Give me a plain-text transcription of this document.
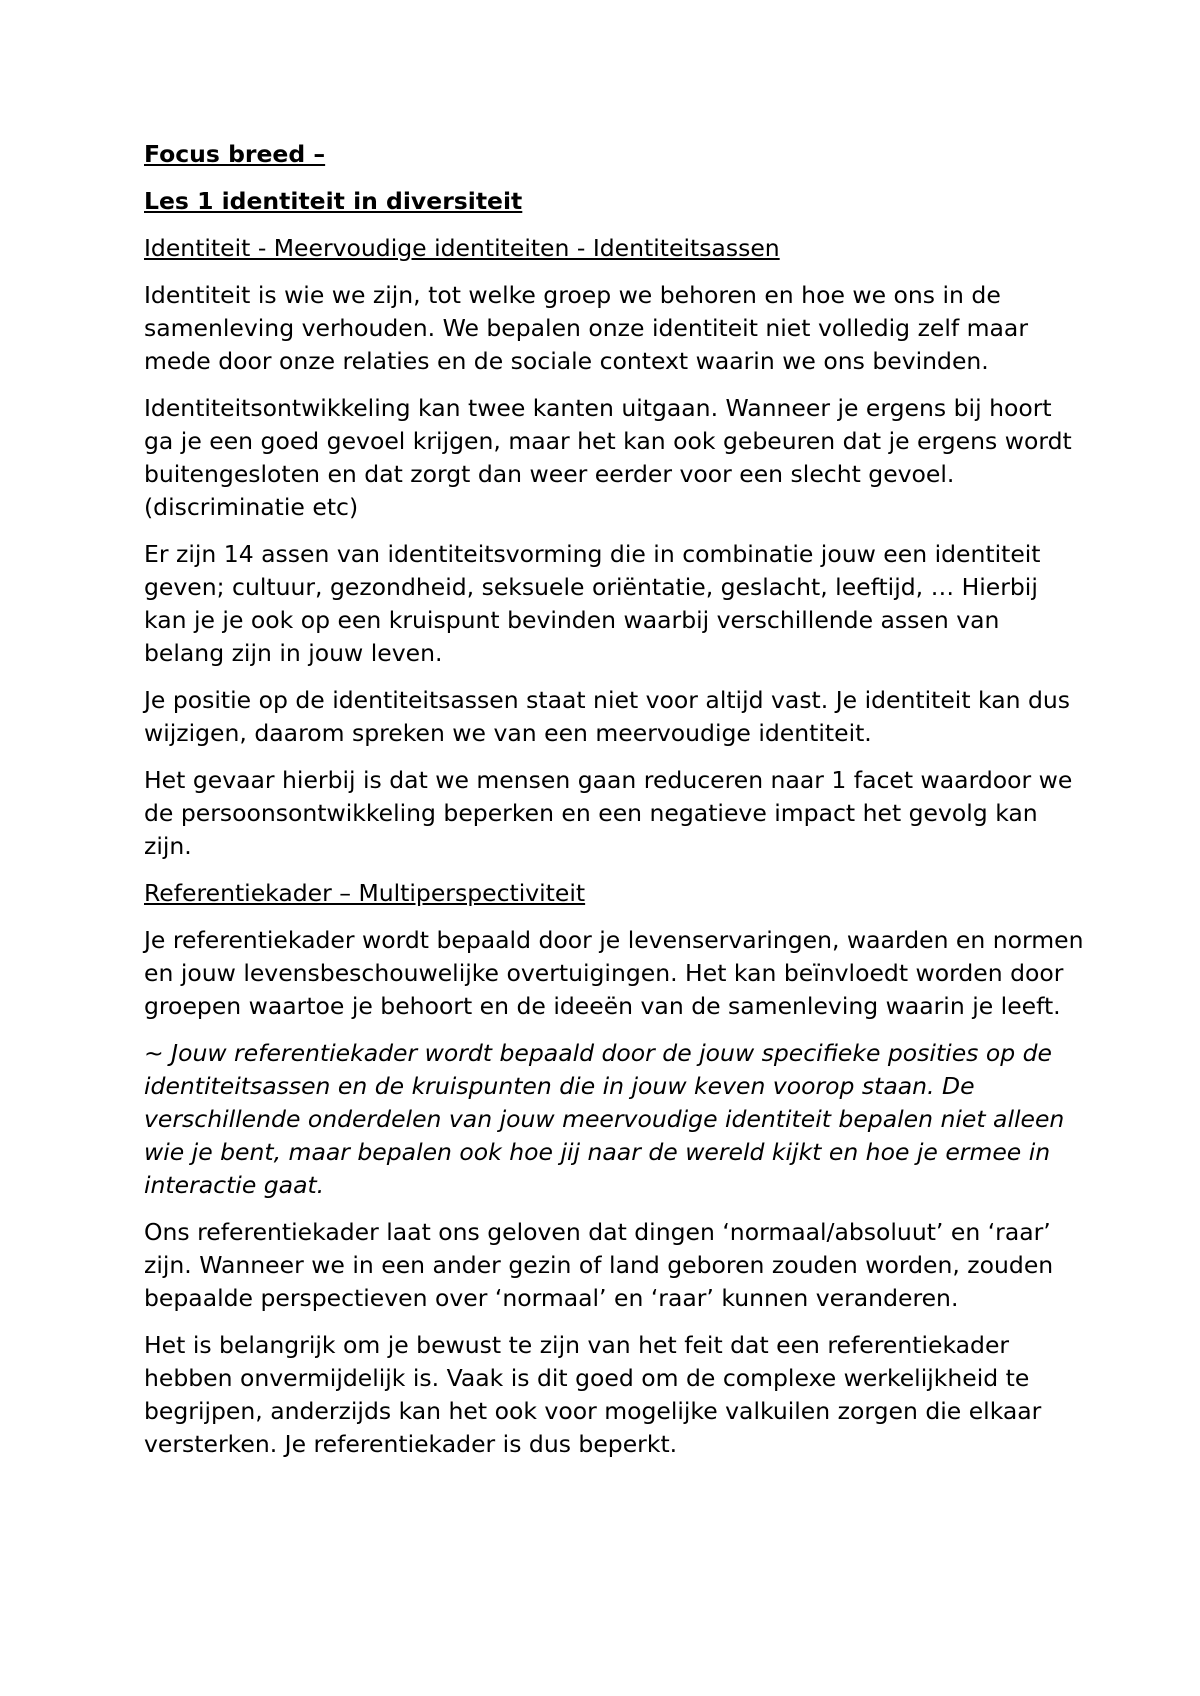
Focus breed –

Les 1 identiteit in diversiteit

Identiteit - Meervoudige identiteiten - Identiteitsassen

Identiteit is wie we zijn, tot welke groep we behoren en hoe we ons in de samenleving verhouden. We bepalen onze identiteit niet volledig zelf maar mede door onze relaties en de sociale context waarin we ons bevinden.

Identiteitsontwikkeling kan twee kanten uitgaan. Wanneer je ergens bij hoort ga je een goed gevoel krijgen, maar het kan ook gebeuren dat je ergens wordt buitengesloten en dat zorgt dan weer eerder voor een slecht gevoel. (discriminatie etc)

Er zijn 14 assen van identiteitsvorming die in combinatie jouw een identiteit geven; cultuur, gezondheid, seksuele oriëntatie, geslacht, leeftijd, … Hierbij kan je je ook op een kruispunt bevinden waarbij verschillende assen van belang zijn in jouw leven.

Je positie op de identiteitsassen staat niet voor altijd vast. Je identiteit kan dus wijzigen, daarom spreken we van een meervoudige identiteit.

Het gevaar hierbij is dat we mensen gaan reduceren naar 1 facet waardoor we de persoonsontwikkeling beperken en een negatieve impact het gevolg kan zijn.

Referentiekader – Multiperspectiviteit

Je referentiekader wordt bepaald door je levenservaringen, waarden en normen en jouw levensbeschouwelijke overtuigingen. Het kan beïnvloedt worden door groepen waartoe je behoort en de ideeën van de samenleving waarin je leeft.

~ Jouw referentiekader wordt bepaald door de jouw specifieke posities op de identiteitsassen en de kruispunten die in jouw keven voorop staan. De verschillende onderdelen van jouw meervoudige identiteit bepalen niet alleen wie je bent, maar bepalen ook hoe jij naar de wereld kijkt en hoe je ermee in interactie gaat.

Ons referentiekader laat ons geloven dat dingen ‘normaal/absoluut’ en ‘raar’ zijn. Wanneer we in een ander gezin of land geboren zouden worden, zouden bepaalde perspectieven over ‘normaal’ en ‘raar’ kunnen veranderen.

Het is belangrijk om je bewust te zijn van het feit dat een referentiekader hebben onvermijdelijk is. Vaak is dit goed om de complexe werkelijkheid te begrijpen, anderzijds kan het ook voor mogelijke valkuilen zorgen die elkaar versterken. Je referentiekader is dus beperkt.
